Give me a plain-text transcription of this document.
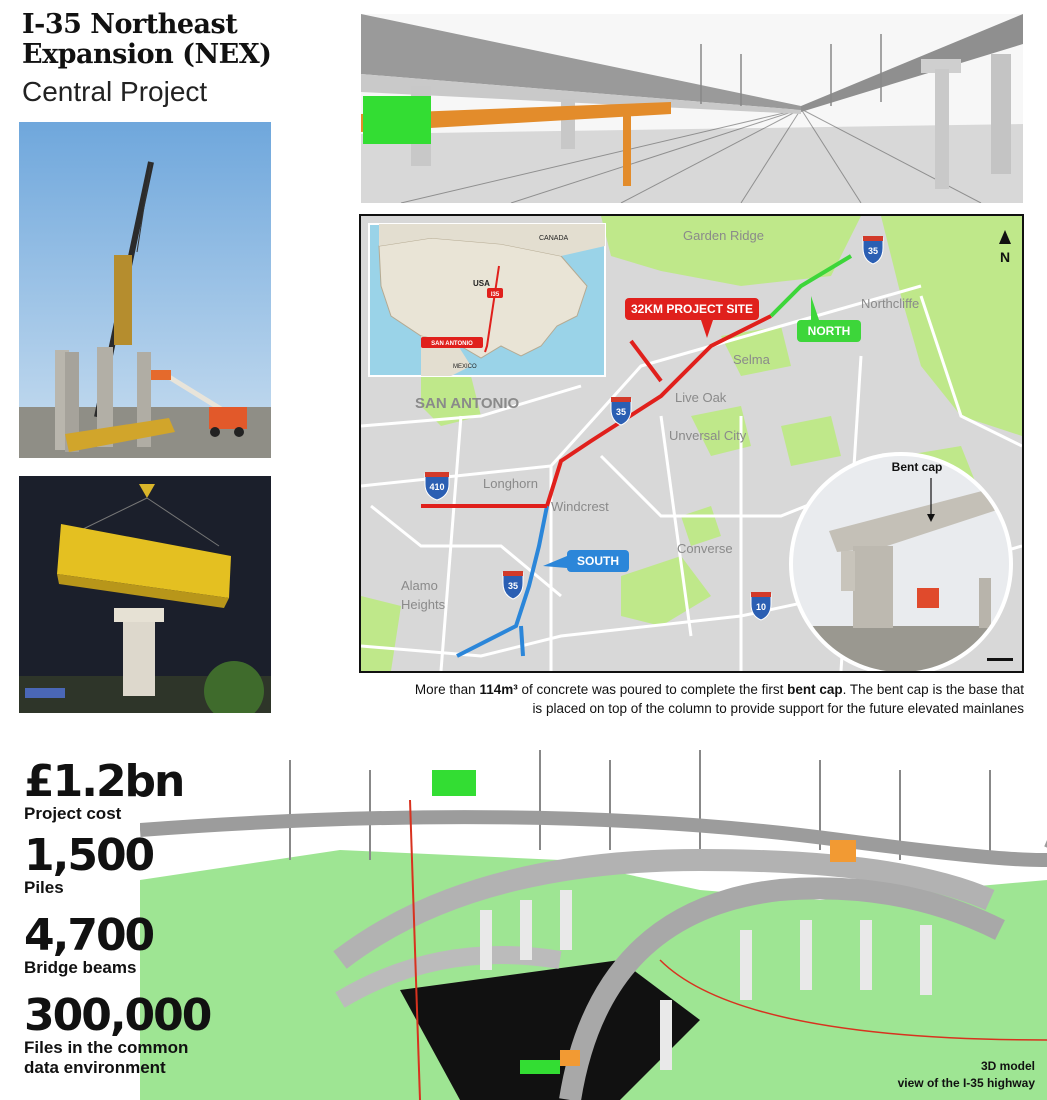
I-35 Northeast
Expansion (NEX)
Central Project
N
Garden Ridge
Northcliffe
Selma
SAN ANTONIO	Live Oak
Unversal City
Longhorn
Windcrest
Converse
Alamo
Heights
35
35
410
35
10
32KM PROJECT SITE
NORTH
SOUTH
CANADA
USA
MEXICO
I35
SAN ANTONIO
Bent cap
More than 114m³ of concrete was poured to complete the first bent cap. The bent cap is the base that
is placed on top of the column to provide support for the future elevated mainlanes
£1.2bn
Project cost
1,500
Piles
4,700
Bridge beams
300,000
Files in the common
data environment	3D model
view of the I-35 highway
